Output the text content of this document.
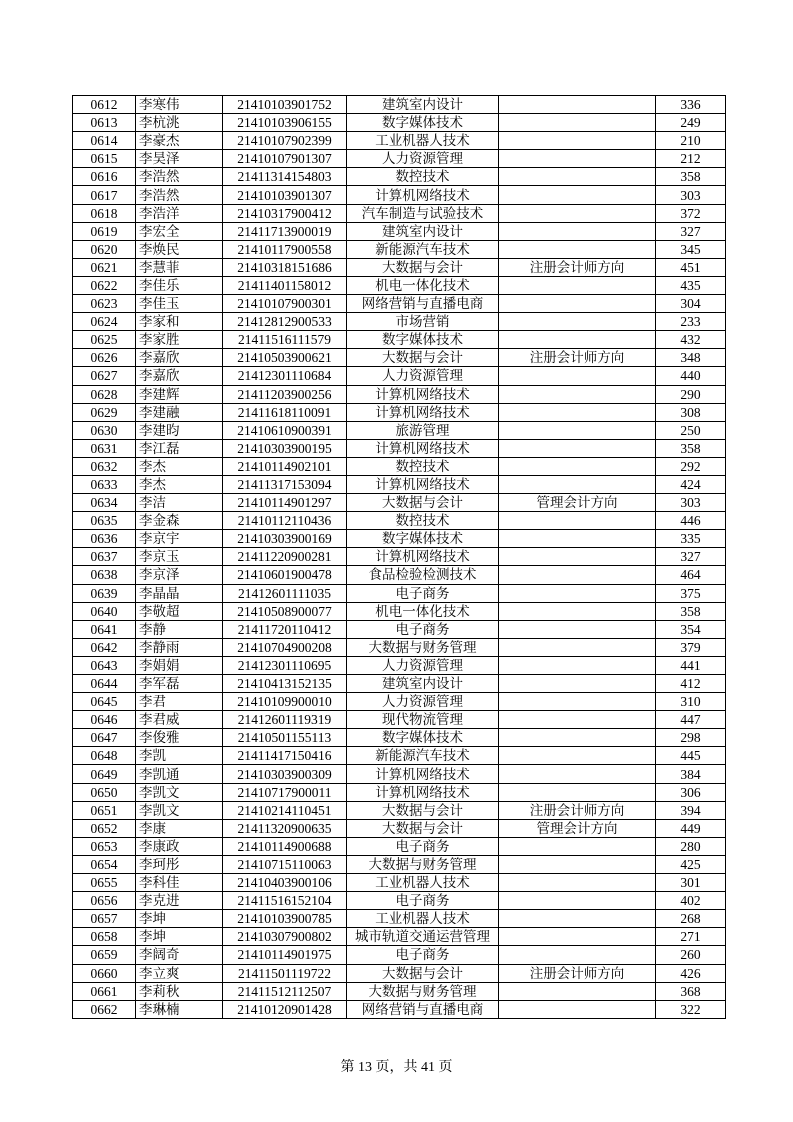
0612	李寒伟	21410103901752	建筑室内设计		336
0613	李杭洮	21410103906155	数字媒体技术		249
0614	李豪杰	21410107902399	工业机器人技术		210
0615	李昊泽	21410107901307	人力资源管理		212
0616	李浩然	21411314154803	数控技术		358
0617	李浩然	21410103901307	计算机网络技术		303
0618	李浩洋	21410317900412	汽车制造与试验技术		372
0619	李宏全	21411713900019	建筑室内设计		327
0620	李焕民	21410117900558	新能源汽车技术		345
0621	李慧菲	21410318151686	大数据与会计	注册会计师方向	451
0622	李佳乐	21411401158012	机电一体化技术		435
0623	李佳玉	21410107900301	网络营销与直播电商		304
0624	李家和	21412812900533	市场营销		233
0625	李家胜	21411516111579	数字媒体技术		432
0626	李嘉欣	21410503900621	大数据与会计	注册会计师方向	348
0627	李嘉欣	21412301110684	人力资源管理		440
0628	李建辉	21411203900256	计算机网络技术		290
0629	李建融	21411618110091	计算机网络技术		308
0630	李建昀	21410610900391	旅游管理		250
0631	李江磊	21410303900195	计算机网络技术		358
0632	李杰	21410114902101	数控技术		292
0633	李杰	21411317153094	计算机网络技术		424
0634	李洁	21410114901297	大数据与会计	管理会计方向	303
0635	李金森	21410112110436	数控技术		446
0636	李京宇	21410303900169	数字媒体技术		335
0637	李京玉	21411220900281	计算机网络技术		327
0638	李京泽	21410601900478	食品检验检测技术		464
0639	李晶晶	21412601111035	电子商务		375
0640	李敬超	21410508900077	机电一体化技术		358
0641	李静	21411720110412	电子商务		354
0642	李静雨	21410704900208	大数据与财务管理		379
0643	李娟娟	21412301110695	人力资源管理		441
0644	李军磊	21410413152135	建筑室内设计		412
0645	李君	21410109900010	人力资源管理		310
0646	李君威	21412601119319	现代物流管理		447
0647	李俊雅	21410501155113	数字媒体技术		298
0648	李凯	21411417150416	新能源汽车技术		445
0649	李凯通	21410303900309	计算机网络技术		384
0650	李凯文	21410717900011	计算机网络技术		306
0651	李凯文	21410214110451	大数据与会计	注册会计师方向	394
0652	李康	21411320900635	大数据与会计	管理会计方向	449
0653	李康政	21410114900688	电子商务		280
0654	李珂彤	21410715110063	大数据与财务管理		425
0655	李科佳	21410403900106	工业机器人技术		301
0656	李克进	21411516152104	电子商务		402
0657	李坤	21410103900785	工业机器人技术		268
0658	李坤	21410307900802	城市轨道交通运营管理		271
0659	李阔奇	21410114901975	电子商务		260
0660	李立爽	21411501119722	大数据与会计	注册会计师方向	426
0661	李莉秋	21411512112507	大数据与财务管理		368
0662	李琳楠	21410120901428	网络营销与直播电商		322
第 13 页，共 41 页
